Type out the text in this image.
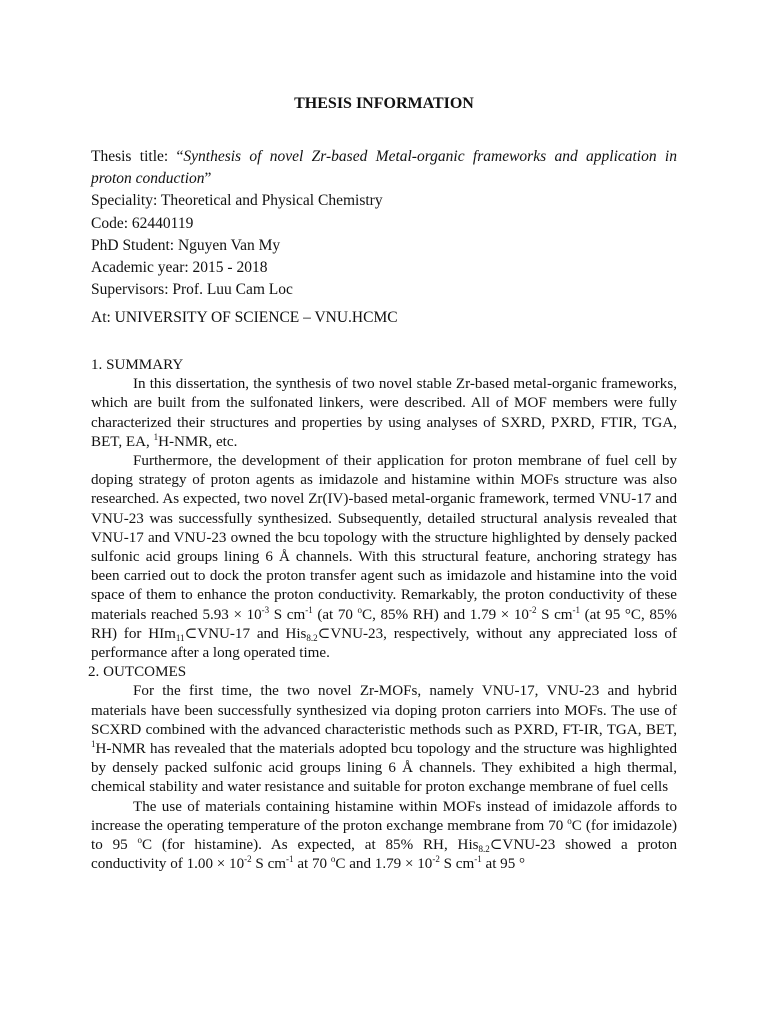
THESIS INFORMATION

Thesis title: “Synthesis of novel Zr-based Metal-organic frameworks and application in proton conduction”

Speciality: Theoretical and Physical Chemistry

Code: 62440119

PhD Student: Nguyen Van My

Academic year: 2015 - 2018

Supervisors: Prof. Luu Cam Loc

At: UNIVERSITY OF SCIENCE – VNU.HCMC

1. SUMMARY

In this dissertation, the synthesis of two novel stable Zr-based metal-organic frameworks, which are built from the sulfonated linkers, were described. All of MOF members were fully characterized their structures and properties by using analyses of SXRD, PXRD, FTIR, TGA, BET, EA, $^1$H-NMR, etc.

Furthermore, the development of their application for proton membrane of fuel cell by doping strategy of proton agents as imidazole and histamine within MOFs structure was also researched. As expected, two novel Zr(IV)-based metal-organic framework, termed VNU-17 and VNU-23 was successfully synthesized. Subsequently, detailed structural analysis revealed that VNU-17 and VNU-23 owned the bcu topology with the structure highlighted by densely packed sulfonic acid groups lining 6 Å channels. With this structural feature, anchoring strategy has been carried out to dock the proton transfer agent such as imidazole and histamine into the void space of them to enhance the proton conductivity. Remarkably, the proton conductivity of these materials reached $5.93 \times 10^{-3}$ S $cm^{-1}$ (at 70 $^o$C, 85% RH) and $1.79 \times 10^{-2}$ S $cm^{-1}$ (at 95 °C, 85% RH) for HIm$_{11}$⊂VNU-17 and His$_{8.2}$⊂VNU-23, respectively, without any appreciated loss of performance after a long operated time.

2. OUTCOMES

For the first time, the two novel Zr-MOFs, namely VNU-17, VNU-23 and hybrid materials have been successfully synthesized via doping proton carriers into MOFs. The use of SCXRD combined with the advanced characteristic methods such as PXRD, FT-IR, TGA, BET, $^1$H-NMR has revealed that the materials adopted bcu topology and the structure was highlighted by densely packed sulfonic acid groups lining 6 Å channels. They exhibited a high thermal, chemical stability and water resistance and suitable for proton exchange membrane of fuel cells

The use of materials containing histamine within MOFs instead of imidazole affords to increase the operating temperature of the proton exchange membrane from 70 $^o$C (for imidazole) to 95 $^o$C (for histamine). As expected, at 85% RH, His$_{8.2}$⊂VNU-23 showed a proton conductivity of $1.00 \times 10^{-2}$ S $cm^{-1}$ at 70 $^o$C and $1.79 \times 10^{-2}$ S $cm^{-1}$ at 95 °
